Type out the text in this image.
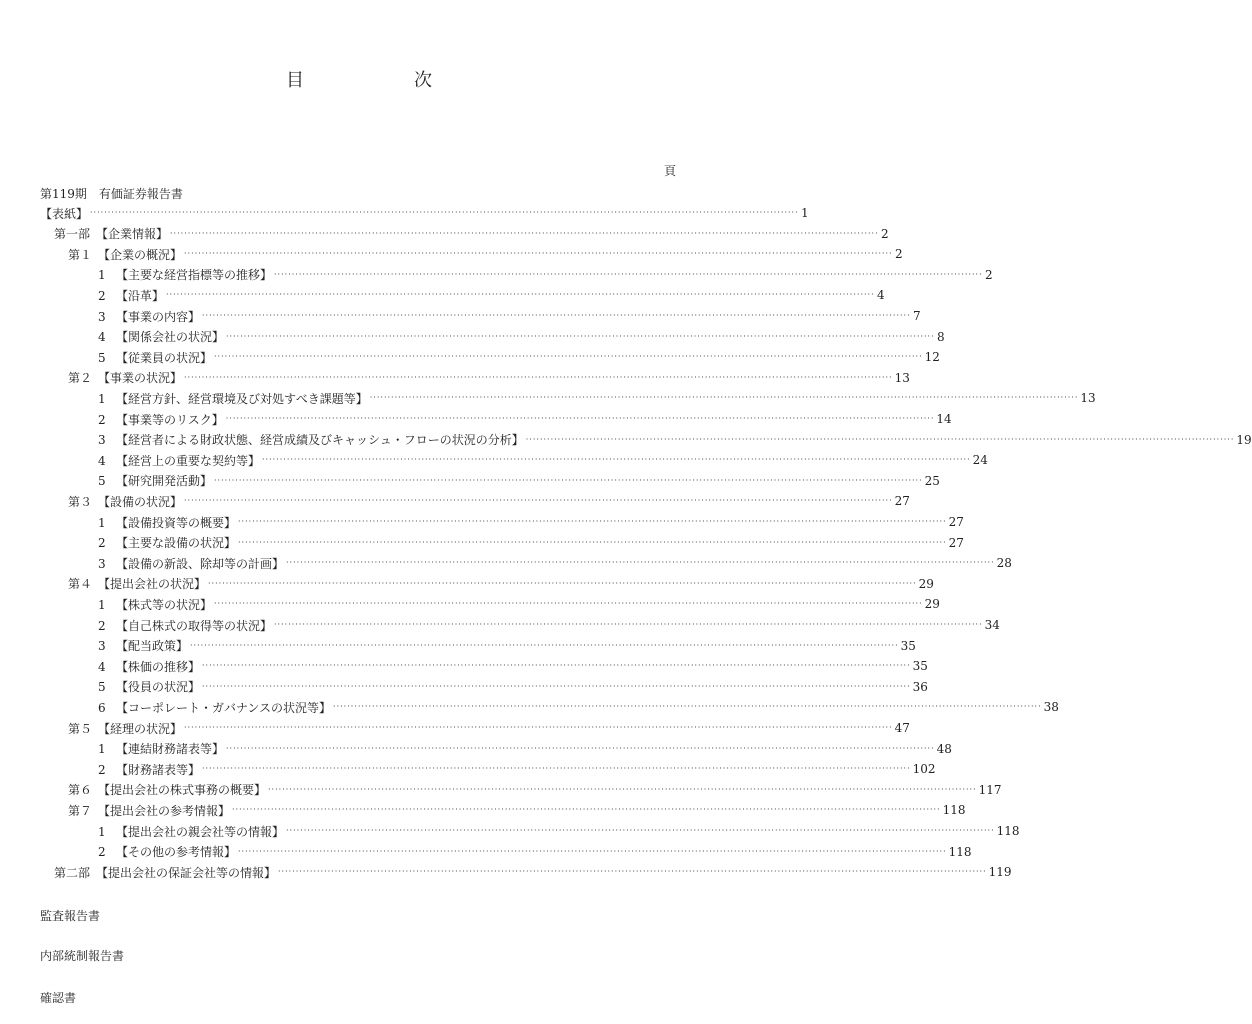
目	次
頁
第119期　有価証券報告書
【表紙】 ········································································································································································································ 1
第一部　【企業情報】 ········································································································································································································ 2
第１　【企業の概況】 ········································································································································································································ 2
1 【主要な経営指標等の推移】 ········································································································································································································ 2
2 【沿革】 ········································································································································································································ 4
3 【事業の内容】 ········································································································································································································ 7
4 【関係会社の状況】 ········································································································································································································ 8
5 【従業員の状況】 ········································································································································································································ 12
第２　【事業の状況】 ········································································································································································································ 13
1 【経営方針、経営環境及び対処すべき課題等】 ········································································································································································································ 13
2 【事業等のリスク】 ········································································································································································································ 14
3 【経営者による財政状態、経営成績及びキャッシュ・フローの状況の分析】 ········································································································································································································ 19
4 【経営上の重要な契約等】 ········································································································································································································ 24
5 【研究開発活動】 ········································································································································································································ 25
第３　【設備の状況】 ········································································································································································································ 27
1 【設備投資等の概要】 ········································································································································································································ 27
2 【主要な設備の状況】 ········································································································································································································ 27
3 【設備の新設、除却等の計画】 ········································································································································································································ 28
第４　【提出会社の状況】 ········································································································································································································ 29
1 【株式等の状況】 ········································································································································································································ 29
2 【自己株式の取得等の状況】 ········································································································································································································ 34
3 【配当政策】 ········································································································································································································ 35
4 【株価の推移】 ········································································································································································································ 35
5 【役員の状況】 ········································································································································································································ 36
6 【コーポレート・ガバナンスの状況等】 ········································································································································································································ 38
第５　【経理の状況】 ········································································································································································································ 47
1 【連結財務諸表等】 ········································································································································································································ 48
2 【財務諸表等】 ········································································································································································································ 102
第６　【提出会社の株式事務の概要】 ········································································································································································································ 117
第７　【提出会社の参考情報】 ········································································································································································································ 118
1 【提出会社の親会社等の情報】 ········································································································································································································ 118
2 【その他の参考情報】 ········································································································································································································ 118
第二部　【提出会社の保証会社等の情報】 ········································································································································································································ 119
監査報告書
内部統制報告書
確認書
